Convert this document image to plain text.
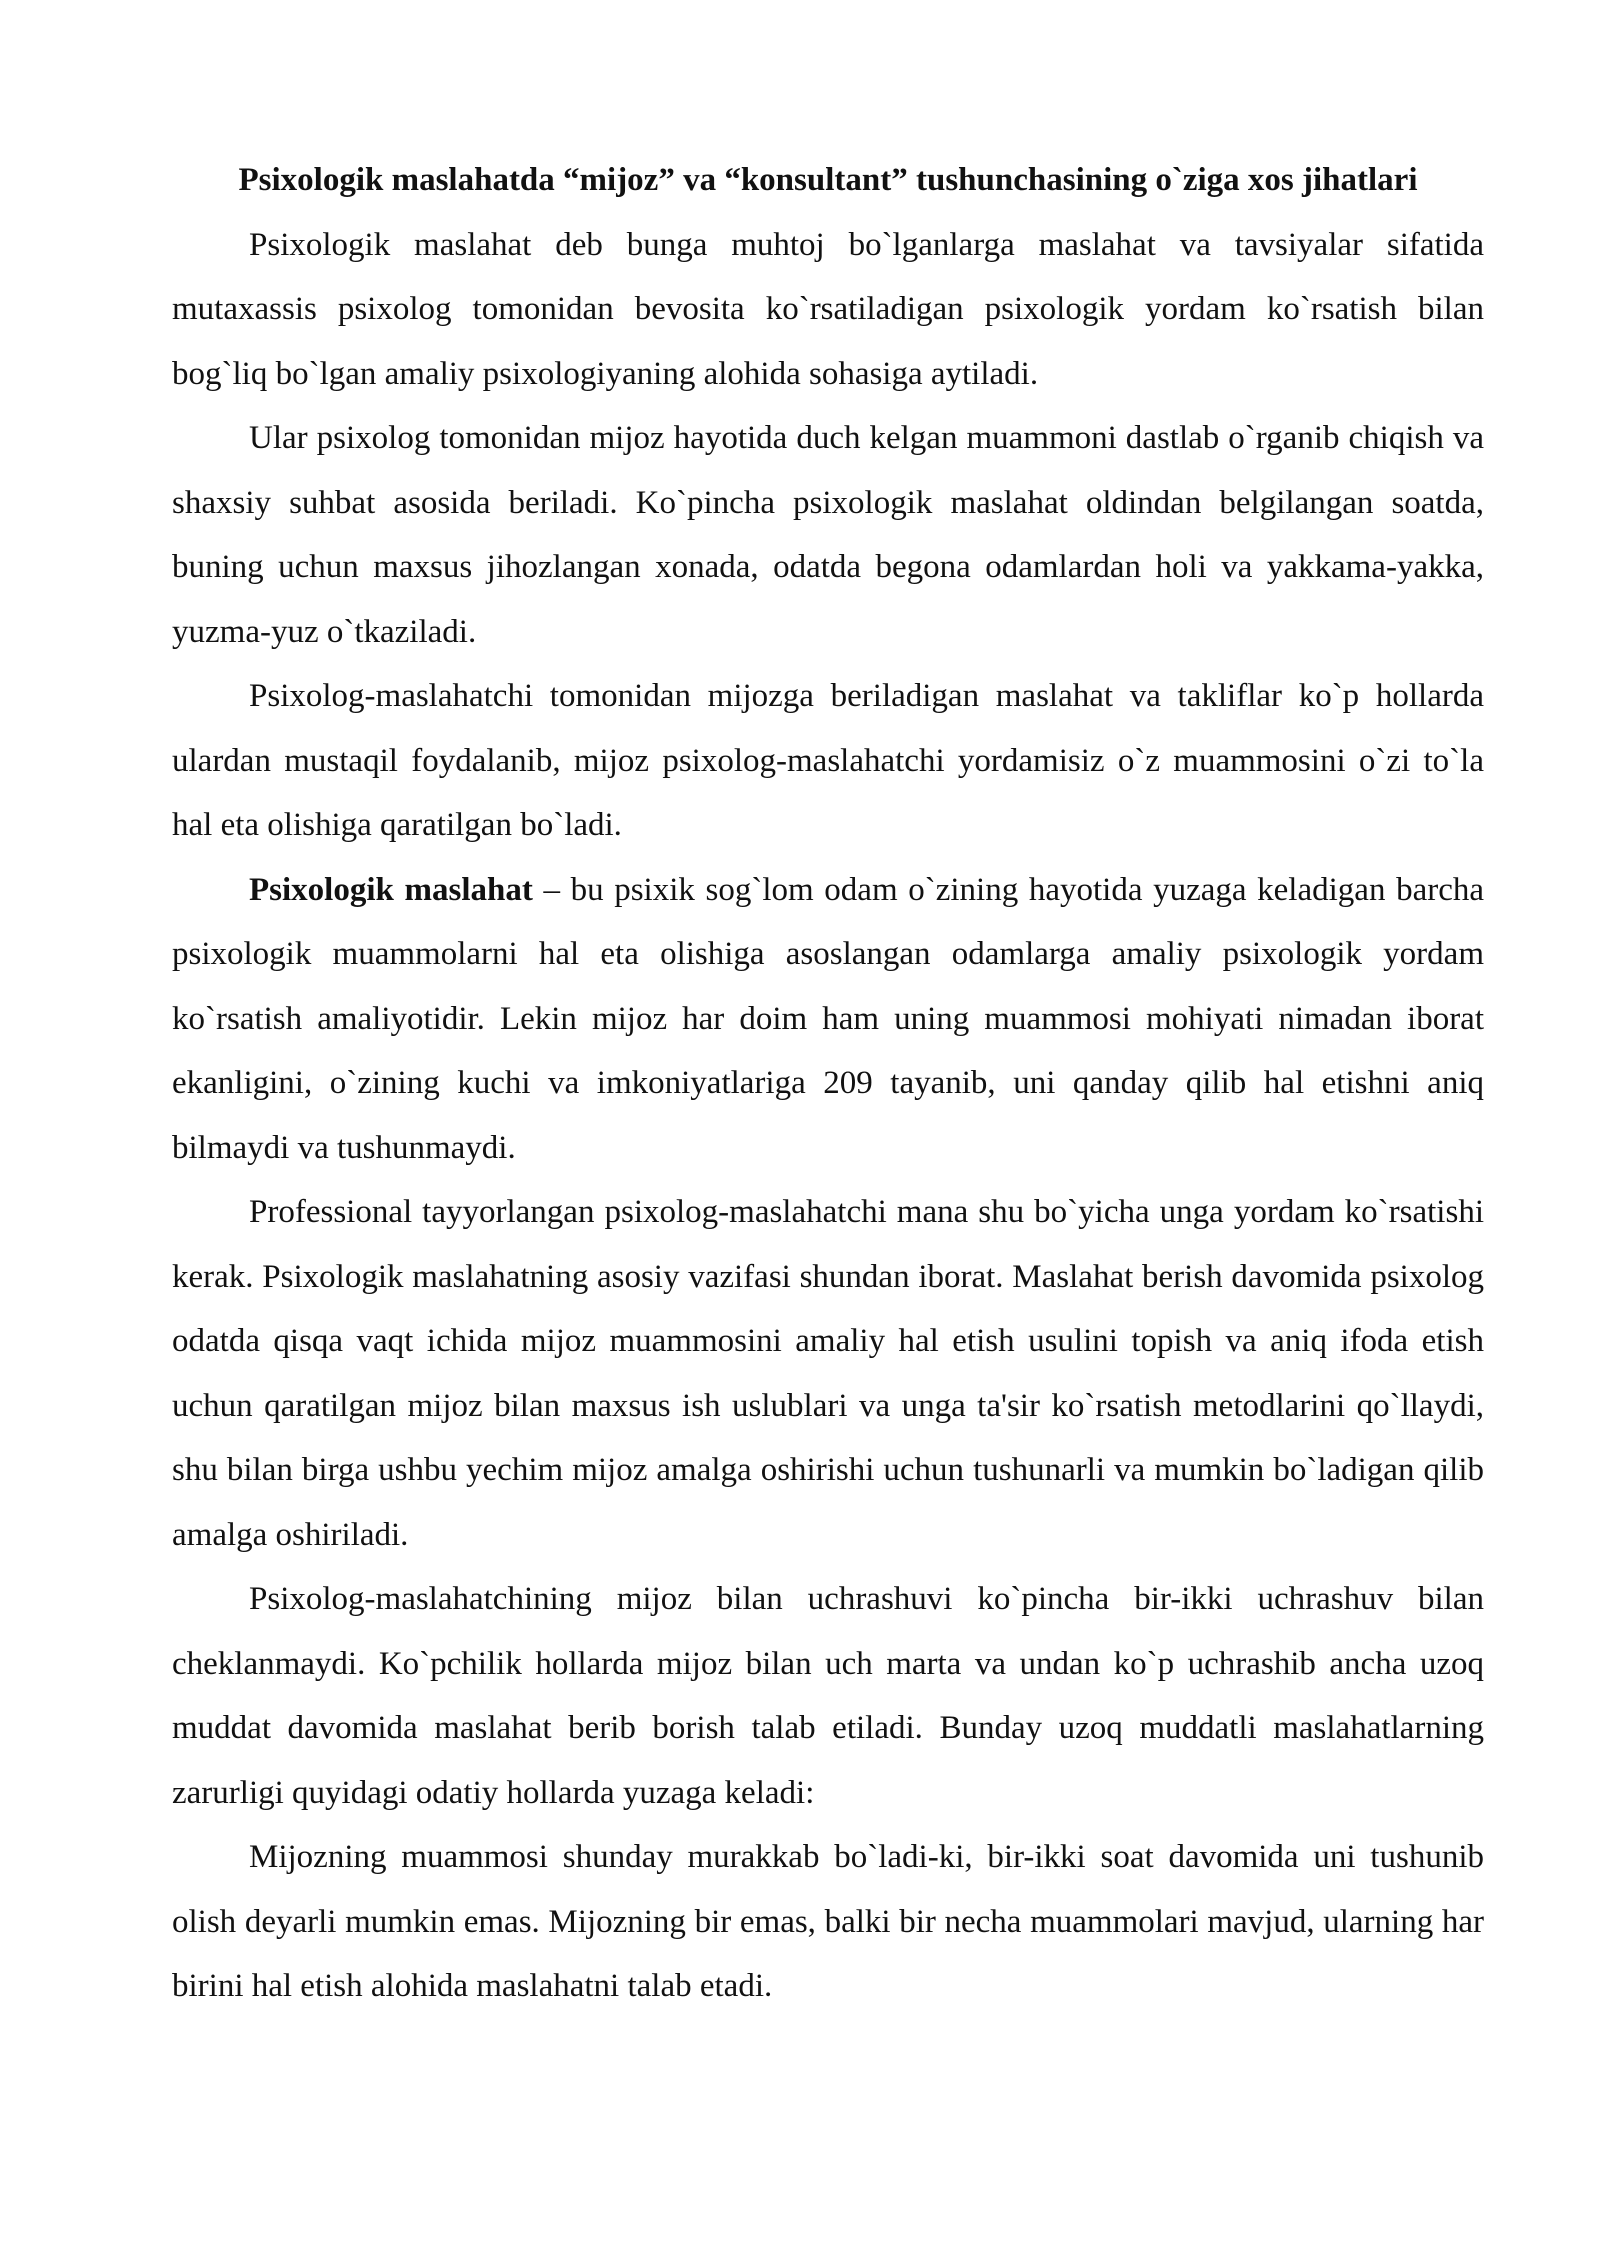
Psixologik maslahatda “mijoz” va “konsultant” tushunchasining o`ziga xos jihatlari

Psixologik maslahat deb bunga muhtoj bo`lganlarga maslahat va tavsiyalar sifatida mutaxassis psixolog tomonidan bevosita ko`rsatiladigan psixologik yordam ko`rsatish bilan bog`liq bo`lgan amaliy psixologiyaning alohida sohasiga aytiladi.

Ular psixolog tomonidan mijoz hayotida duch kelgan muammoni dastlab o`rganib chiqish va shaxsiy suhbat asosida beriladi. Ko`pincha psixologik maslahat oldindan belgilangan soatda, buning uchun maxsus jihozlangan xonada, odatda begona odamlardan holi va yakkama-yakka, yuzma-yuz o`tkaziladi.

Psixolog-maslahatchi tomonidan mijozga beriladigan maslahat va takliflar ko`p hollarda ulardan mustaqil foydalanib, mijoz psixolog-maslahatchi yordamisiz o`z muammosini o`zi to`la hal eta olishiga qaratilgan bo`ladi.

Psixologik maslahat – bu psixik sog`lom odam o`zining hayotida yuzaga keladigan barcha psixologik muammolarni hal eta olishiga asoslangan odamlarga amaliy psixologik yordam ko`rsatish amaliyotidir. Lekin mijoz har doim ham uning muammosi mohiyati nimadan iborat ekanligini, o`zining kuchi va imkoniyatlariga 209 tayanib, uni qanday qilib hal etishni aniq bilmaydi va tushunmaydi.

Professional tayyorlangan psixolog-maslahatchi mana shu bo`yicha unga yordam ko`rsatishi kerak. Psixologik maslahatning asosiy vazifasi shundan iborat. Maslahat berish davomida psixolog odatda qisqa vaqt ichida mijoz muammosini amaliy hal etish usulini topish va aniq ifoda etish uchun qaratilgan mijoz bilan maxsus ish uslublari va unga ta'sir ko`rsatish metodlarini qo`llaydi, shu bilan birga ushbu yechim mijoz amalga oshirishi uchun tushunarli va mumkin bo`ladigan qilib amalga oshiriladi.

Psixolog-maslahatchining mijoz bilan uchrashuvi ko`pincha bir-ikki uchrashuv bilan cheklanmaydi. Ko`pchilik hollarda mijoz bilan uch marta va undan ko`p uchrashib ancha uzoq muddat davomida maslahat berib borish talab etiladi. Bunday uzoq muddatli maslahatlarning zarurligi quyidagi odatiy hollarda yuzaga keladi:

Mijozning muammosi shunday murakkab bo`ladi-ki, bir-ikki soat davomida uni tushunib olish deyarli mumkin emas. Mijozning bir emas, balki bir necha muammolari mavjud, ularning har birini hal etish alohida maslahatni talab etadi.
